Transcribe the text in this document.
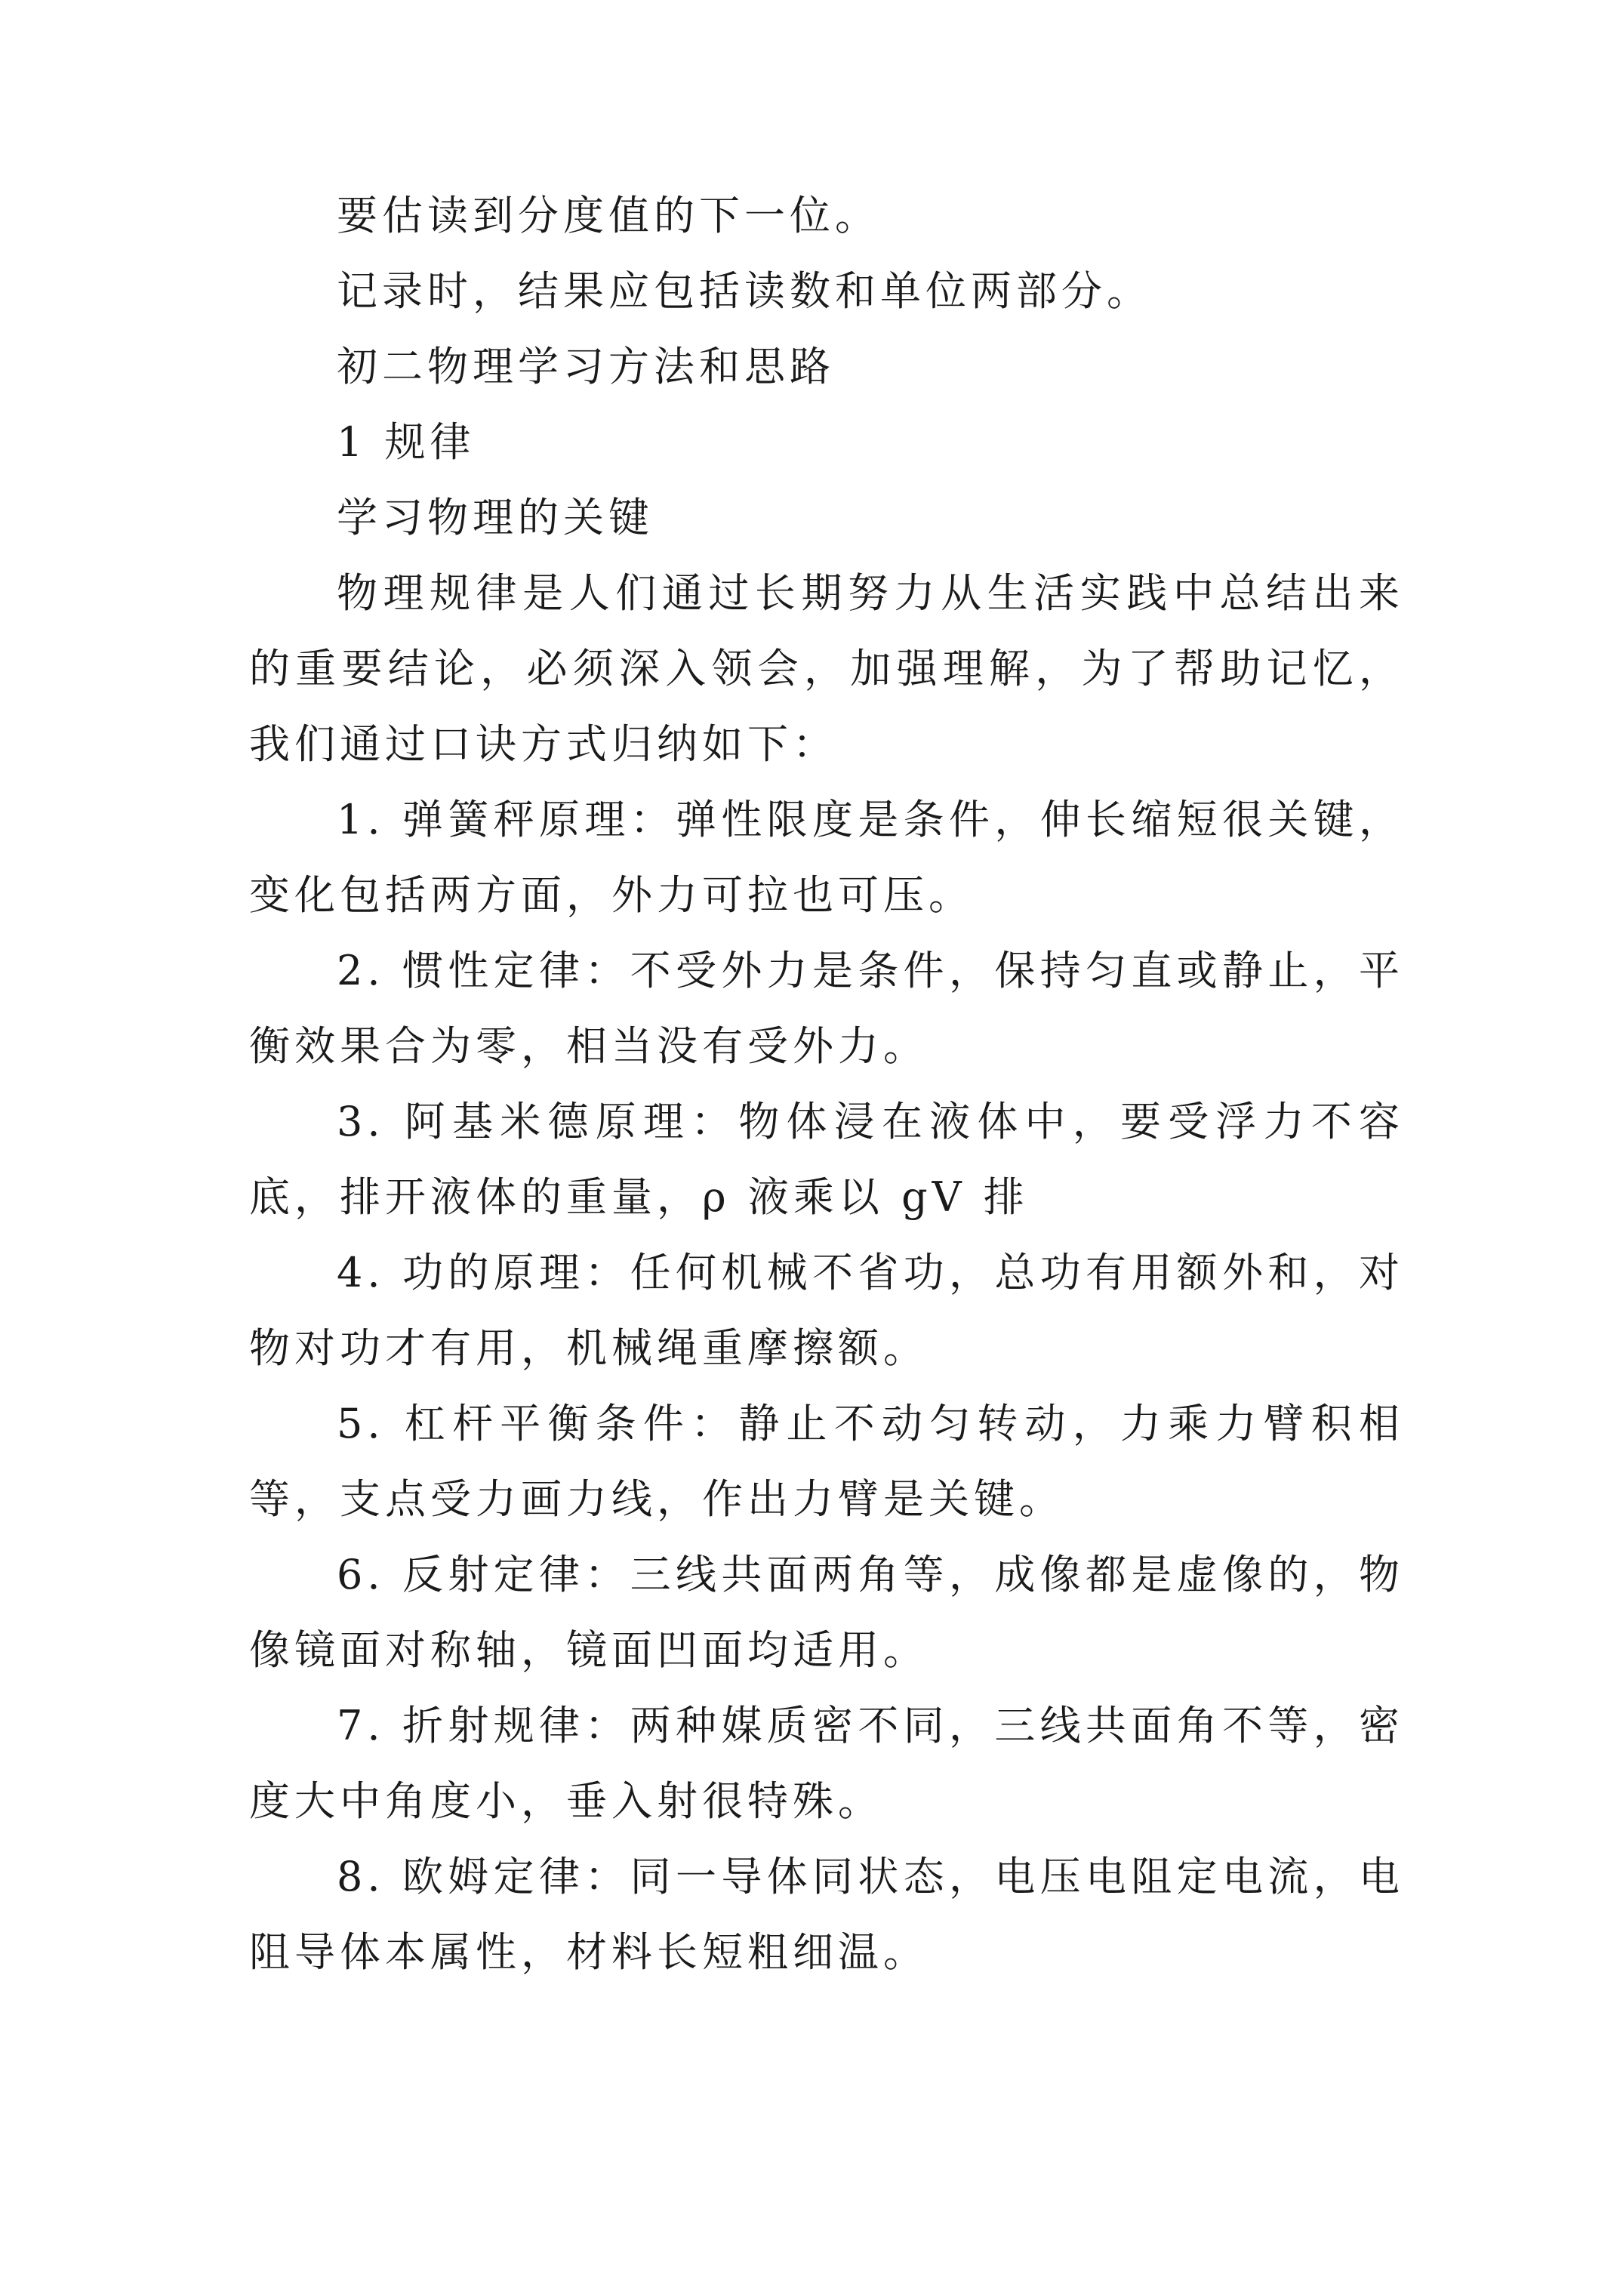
要估读到分度值的下一位。

记录时，结果应包括读数和单位两部分。

初二物理学习方法和思路

1 规律

学习物理的关键

物理规律是人们通过长期努力从生活实践中总结出来的重要结论，必须深入领会，加强理解，为了帮助记忆，我们通过口诀方式归纳如下：

1. 弹簧秤原理：弹性限度是条件，伸长缩短很关键，变化包括两方面，外力可拉也可压。

2. 惯性定律：不受外力是条件，保持匀直或静止，平衡效果合为零，相当没有受外力。

3. 阿基米德原理：物体浸在液体中，要受浮力不容底，排开液体的重量，ρ 液乘以 gV 排

4. 功的原理：任何机械不省功，总功有用额外和，对物对功才有用，机械绳重摩擦额。

5. 杠杆平衡条件：静止不动匀转动，力乘力臂积相等，支点受力画力线，作出力臂是关键。

6. 反射定律：三线共面两角等，成像都是虚像的，物像镜面对称轴，镜面凹面均适用。

7. 折射规律：两种媒质密不同，三线共面角不等，密度大中角度小，垂入射很特殊。

8. 欧姆定律：同一导体同状态，电压电阻定电流，电阻导体本属性，材料长短粗细温。
